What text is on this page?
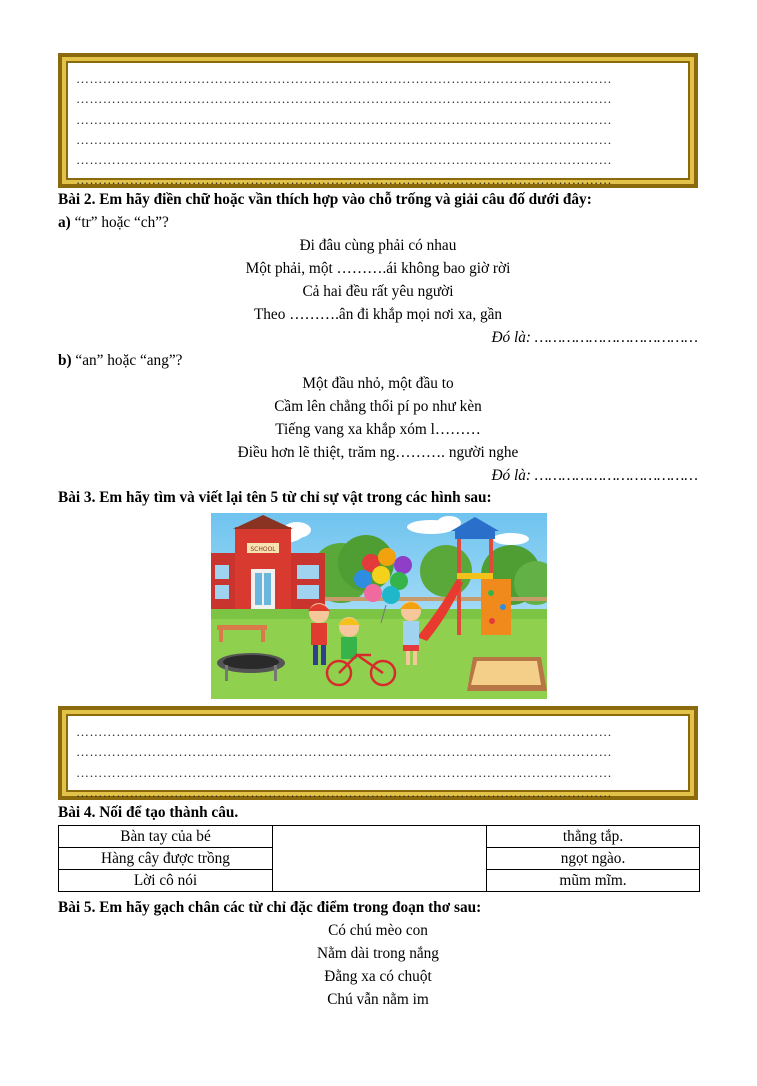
…………………………………………………………………………………………………………
…………………………………………………………………………………………………………
…………………………………………………………………………………………………………
…………………………………………………………………………………………………………
…………………………………………………………………………………………………………
…………………………………………………………………………………………………………
Bài 2. Em hãy điền chữ hoặc vần thích hợp vào chỗ trống và giải câu đố dưới đây:
a) “tr” hoặc “ch”?
Đi đâu cùng phải có nhau
Một phải, một ……….ái không bao giờ rời
Cả hai đều rất yêu người
Theo ……….ân đi khắp mọi nơi xa, gần
Đó là: ………………………………
b) “an” hoặc “ang”?
Một đầu nhỏ, một đầu to
Cầm lên chẳng thổi pí po như kèn
Tiếng vang xa khắp xóm l………
Điều hơn lẽ thiệt, trăm ng………. người nghe
Đó là: ………………………………
Bài 3. Em hãy tìm và viết lại tên 5 từ chỉ sự vật trong các hình sau:
SCHOOL
…………………………………………………………………………………………………………
…………………………………………………………………………………………………………
…………………………………………………………………………………………………………
…………………………………………………………………………………………………………
Bài 4. Nối để tạo thành câu.
Bàn tay của bé		thẳng tắp.
Hàng cây được trồng		ngọt ngào.
Lời cô nói		mũm mĩm.
Bài 5. Em hãy gạch chân các từ chỉ đặc điểm trong đoạn thơ sau:
Có chú mèo con
Nằm dài trong nắng
Đằng xa có chuột
Chú vẫn nằm im
